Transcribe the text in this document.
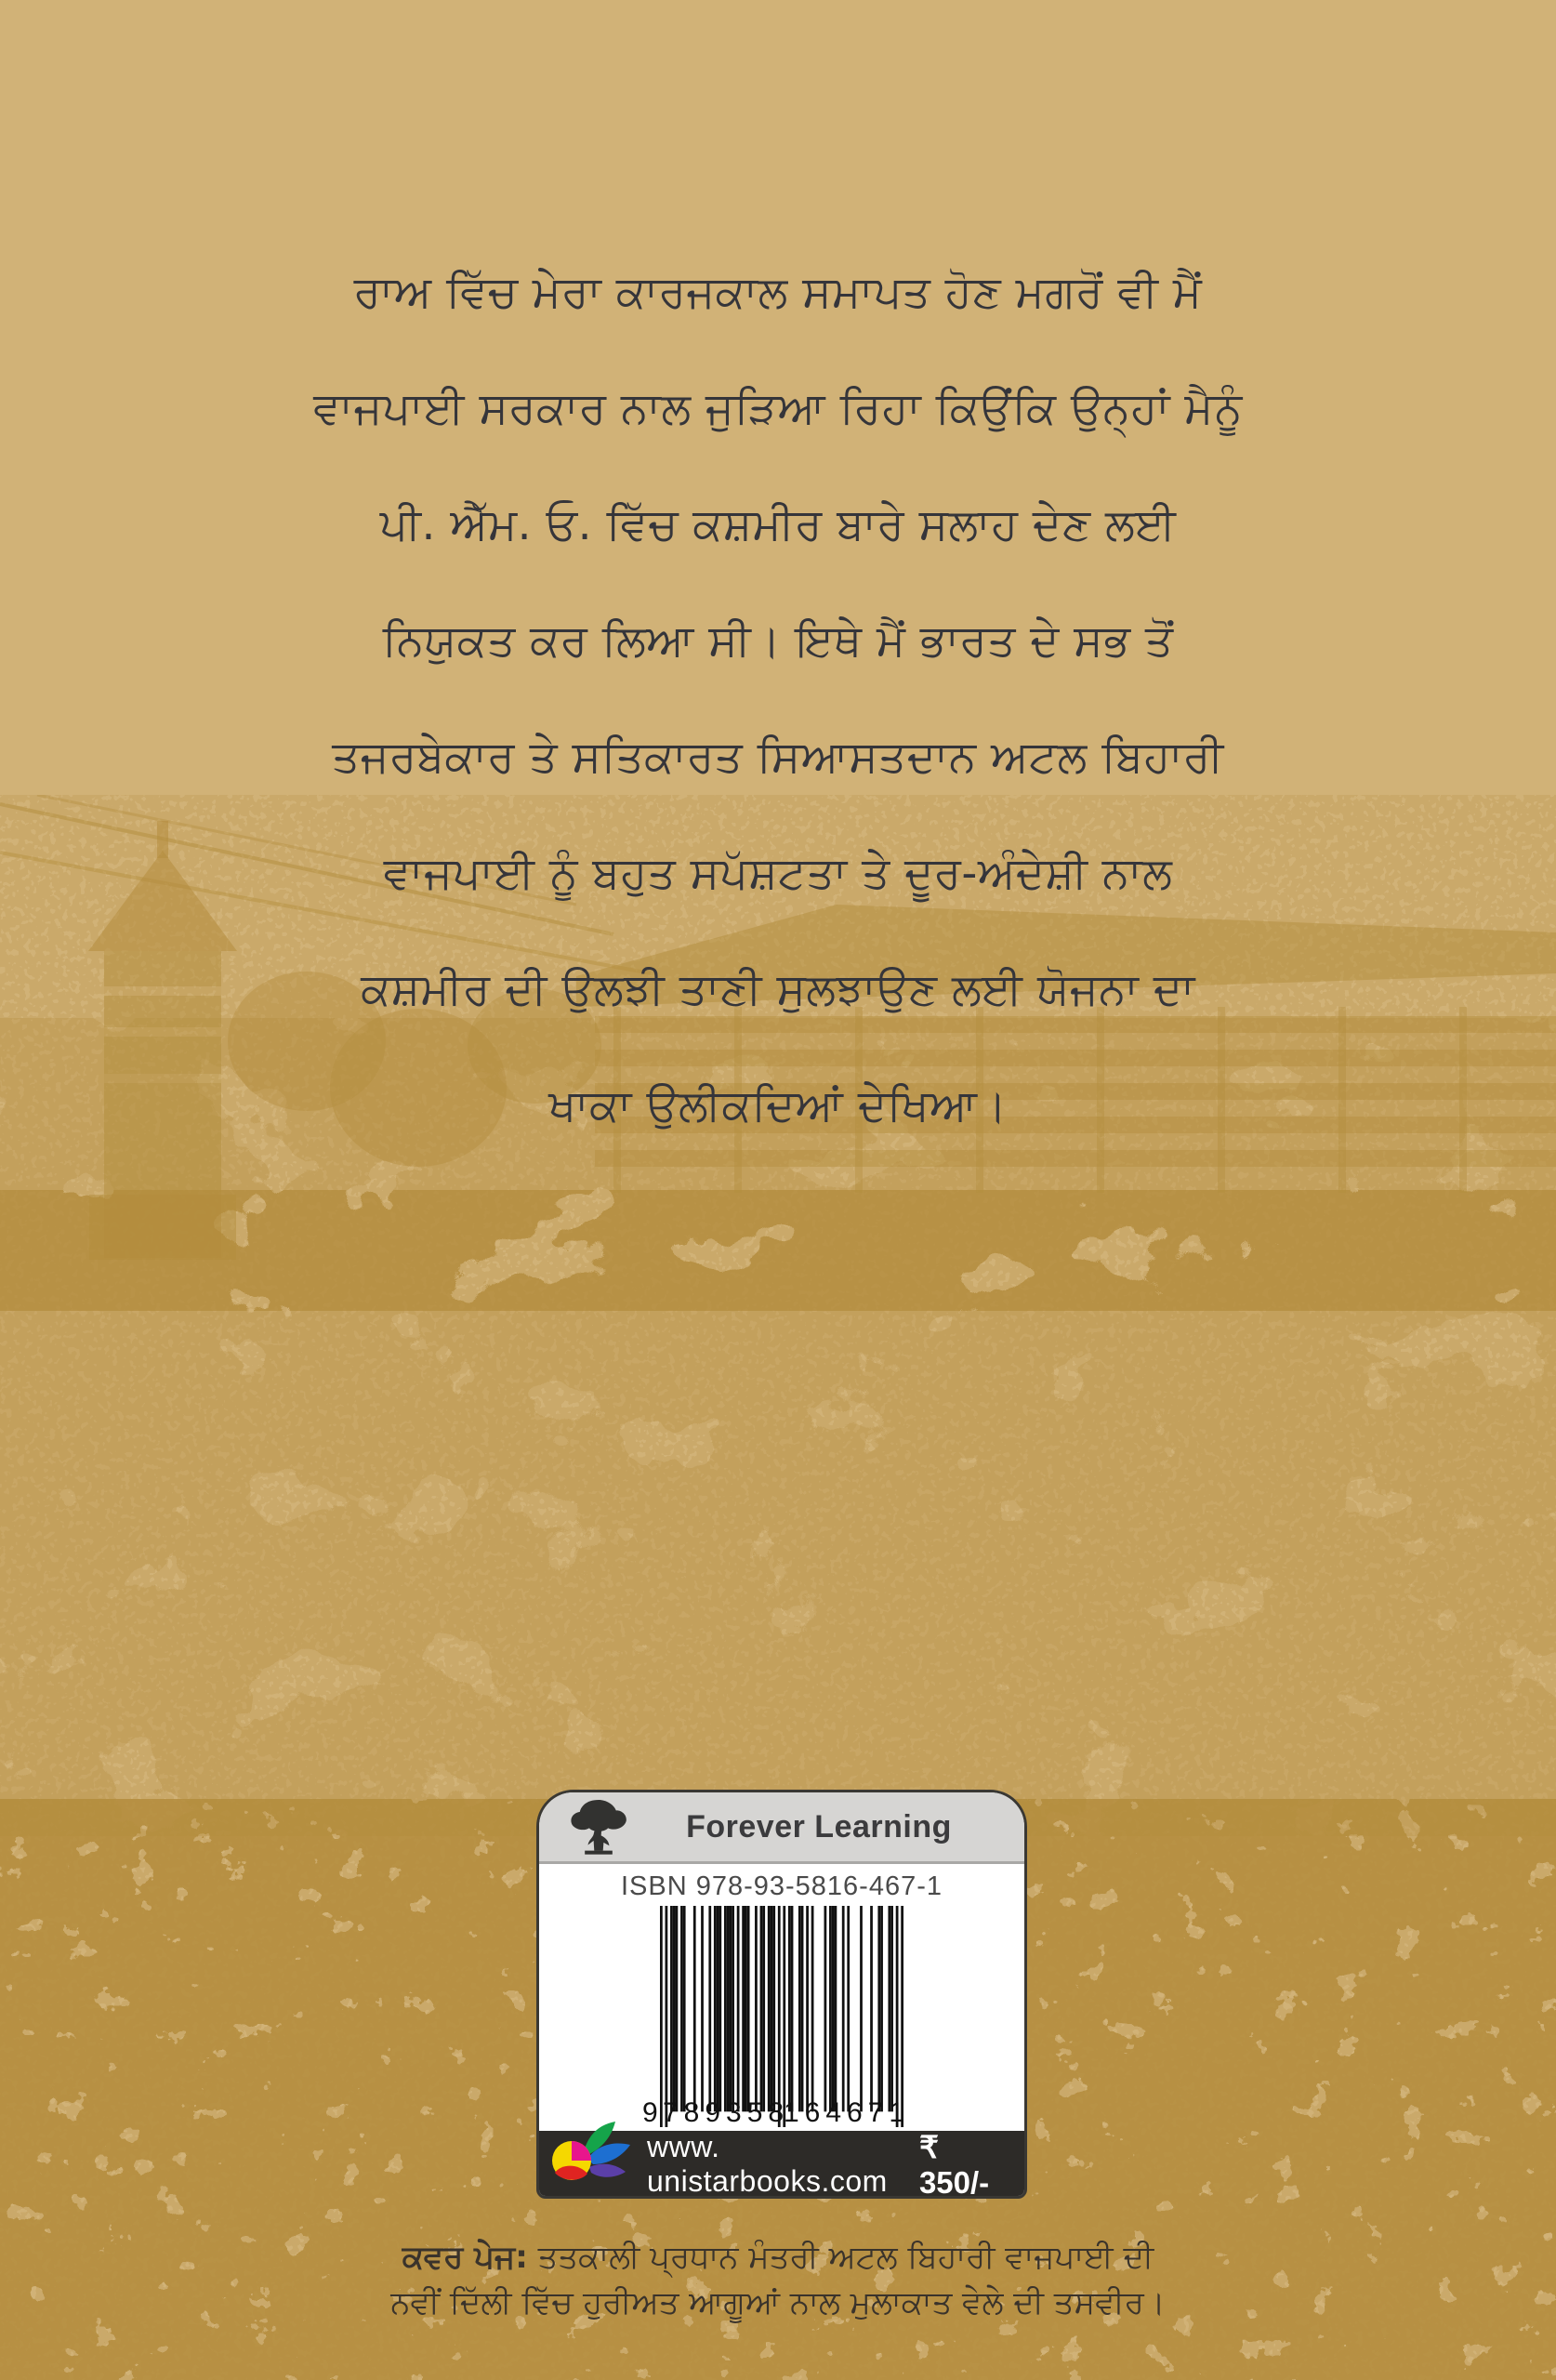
ਰਾਅ ਵਿੱਚ ਮੇਰਾ ਕਾਰਜਕਾਲ ਸਮਾਪਤ ਹੋਣ ਮਗਰੋਂ ਵੀ ਮੈਂ
ਵਾਜਪਾਈ ਸਰਕਾਰ ਨਾਲ ਜੁੜਿਆ ਰਿਹਾ ਕਿਉਂਕਿ ਉਨ੍ਹਾਂ ਮੈਨੂੰ
ਪੀ. ਐੱਮ. ਓ. ਵਿੱਚ ਕਸ਼ਮੀਰ ਬਾਰੇ ਸਲਾਹ ਦੇਣ ਲਈ
ਨਿਯੁਕਤ ਕਰ ਲਿਆ ਸੀ। ਇਥੇ ਮੈਂ ਭਾਰਤ ਦੇ ਸਭ ਤੋਂ
ਤਜਰਬੇਕਾਰ ਤੇ ਸਤਿਕਾਰਤ ਸਿਆਸਤਦਾਨ ਅਟਲ ਬਿਹਾਰੀ
ਵਾਜਪਾਈ ਨੂੰ ਬਹੁਤ ਸਪੱਸ਼ਟਤਾ ਤੇ ਦੂਰ-ਅੰਦੇਸ਼ੀ ਨਾਲ
ਕਸ਼ਮੀਰ ਦੀ ਉਲਝੀ ਤਾਣੀ ਸੁਲਝਾਉਣ ਲਈ ਯੋਜਨਾ ਦਾ
ਖਾਕਾ ਉਲੀਕਦਿਆਂ ਦੇਖਿਆ।
Forever Learning
ISBN 978-93-5816-467-1
9 789358
164671
www. unistarbooks.com
₹ 350/-
ਕਵਰ ਪੇਜ: ਤਤਕਾਲੀ ਪ੍ਰਧਾਨ ਮੰਤਰੀ ਅਟਲ ਬਿਹਾਰੀ ਵਾਜਪਾਈ ਦੀ
ਨਵੀਂ ਦਿੱਲੀ ਵਿੱਚ ਹੁਰੀਅਤ ਆਗੂਆਂ ਨਾਲ ਮੁਲਾਕਾਤ ਵੇਲੇ ਦੀ ਤਸਵੀਰ।
